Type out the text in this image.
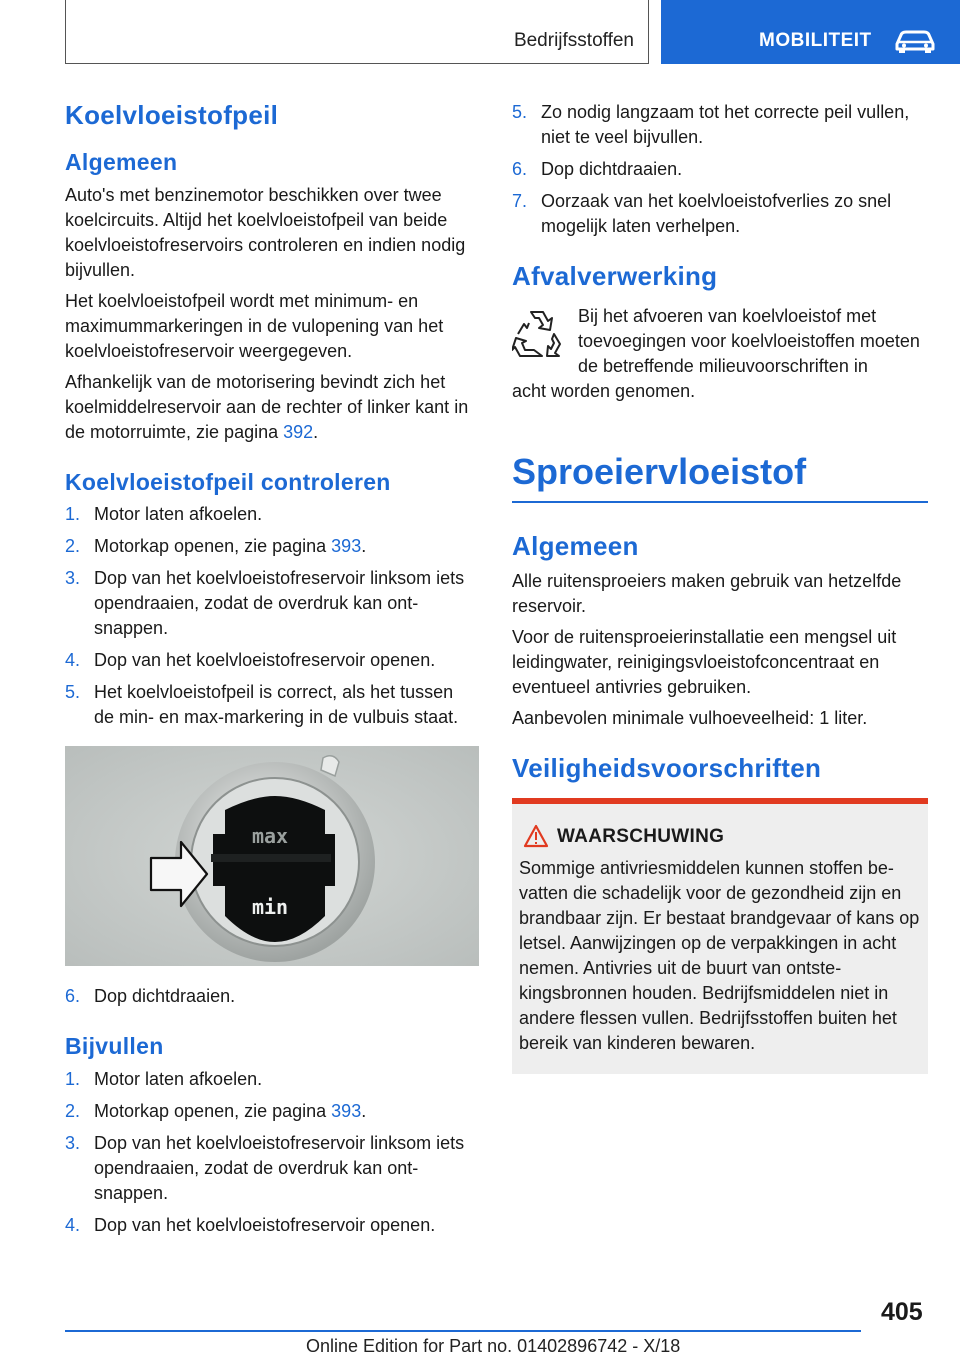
Bedrijfsstoffen	MOBILITEIT
Koelvloeistofpeil
Algemeen

Auto's met benzinemotor beschikken over twee koelcircuits. Altijd het koelvloeistofpeil van beide koelvloeistofreservoirs controleren en indien nodig bijvullen.

Het koelvloeistofpeil wordt met minimum- en maximummarkeringen in de vulopening van het koelvloeistofreservoir weergegeven.

Afhankelijk van de motorisering bevindt zich het koelmiddelreservoir aan de rechter of linker kant in de motorruimte, zie pagina 392.

Koelvloeistofpeil controleren
1. Motor laten afkoelen.
2. Motorkap openen, zie pagina 393.
3. Dop van het koelvloeistofreservoir linksom iets opendraaien, zodat de overdruk kan ontsnappen.
4. Dop van het koelvloeistofreservoir openen.
5. Het koelvloeistofpeil is correct, als het tussen de min- en max-markering in de vulbuis staat.
max
min
6. Dop dichtdraaien.
Bijvullen
1. Motor laten afkoelen.
2. Motorkap openen, zie pagina 393.
3. Dop van het koelvloeistofreservoir linksom iets opendraaien, zodat de overdruk kan ontsnappen.
4. Dop van het koelvloeistofreservoir openen.
5. Zo nodig langzaam tot het correcte peil vullen, niet te veel bijvullen.
6. Dop dichtdraaien.
7. Oorzaak van het koelvloeistofverlies zo snel mogelijk laten verhelpen.
Afvalverwerking

Bij het afvoeren van koelvloeistof met toevoegingen voor koelvloeistoffen moeten de betreffende milieuvoorschriften in

acht worden genomen.

Sproeiervloeistof
Algemeen

Alle ruitensproeiers maken gebruik van hetzelfde reservoir.

Voor de ruitensproeierinstallatie een mengsel uit leidingwater, reinigingsvloeistofconcentraat en eventueel antivries gebruiken.

Aanbevolen minimale vulhoeveelheid: 1 liter.

Veiligheidsvoorschriften

WAARSCHUWING

Sommige antivriesmiddelen kunnen stoffen bevatten die schadelijk voor de gezondheid zijn en brandbaar zijn. Er bestaat brandgevaar of kans op letsel. Aanwijzingen op de verpakkingen in acht nemen. Antivries uit de buurt van ontstekingsbronnen houden. Bedrijfsmiddelen niet in andere flessen vullen. Bedrijfsstoffen buiten het bereik van kinderen bewaren.

405
Online Edition for Part no. 01402896742 - X/18
